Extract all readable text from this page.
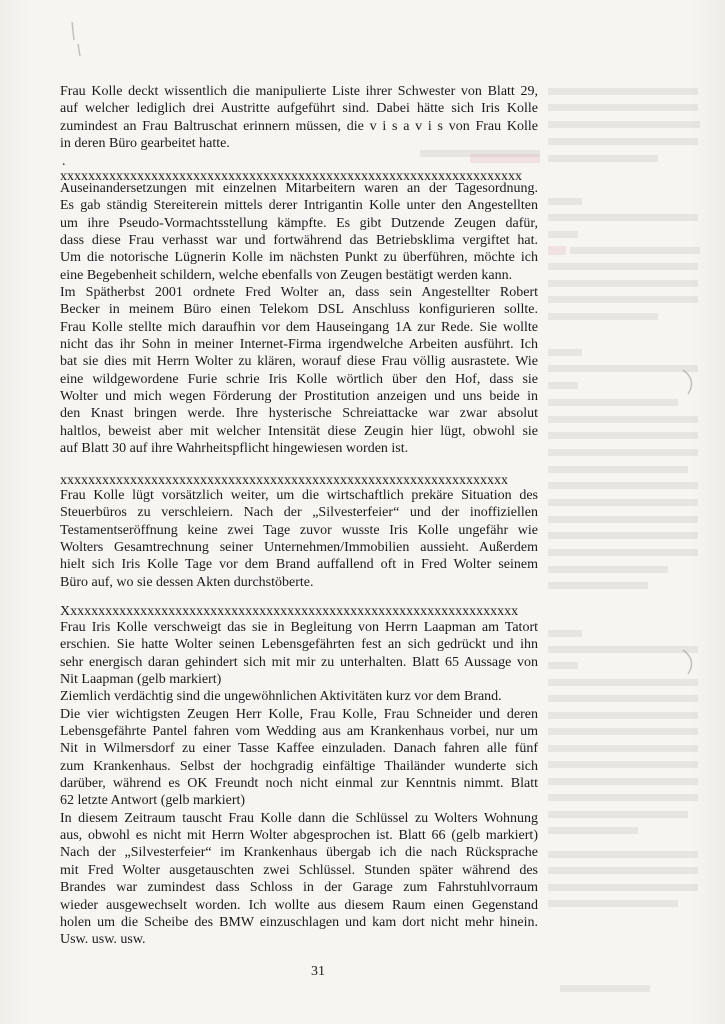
Frau Kolle deckt wissentlich die manipulierte Liste ihrer Schwester von Blatt 29,
auf welcher lediglich drei Austritte aufgeführt sind. Dabei hätte sich Iris Kolle
zumindest an Frau Baltruschat erinnern müssen, die v i s a v i s von Frau Kolle
in deren Büro gearbeitet hatte.
.
xxxxxxxxxxxxxxxxxxxxxxxxxxxxxxxxxxxxxxxxxxxxxxxxxxxxxxxxxxxxxxxxxx
Auseinandersetzungen mit einzelnen Mitarbeitern waren an der Tagesordnung.
Es gab ständig Stereiterein mittels derer Intrigantin Kolle unter den Angestellten
um ihre Pseudo-Vormachtsstellung kämpfte. Es gibt Dutzende Zeugen dafür,
dass diese Frau verhasst war und fortwährend das Betriebsklima vergiftet hat.
Um die notorische Lügnerin Kolle im nächsten Punkt zu überführen, möchte ich
eine Begebenheit schildern, welche ebenfalls von Zeugen bestätigt werden kann.
Im Spätherbst 2001 ordnete Fred Wolter an, dass sein Angestellter Robert
Becker in meinem Büro einen Telekom DSL Anschluss konfigurieren sollte.
Frau Kolle stellte mich daraufhin vor dem Hauseingang 1A zur Rede. Sie wollte
nicht das ihr Sohn in meiner Internet-Firma irgendwelche Arbeiten ausführt. Ich
bat sie dies mit Herrn Wolter zu klären, worauf diese Frau völlig ausrastete. Wie
eine wildgewordene Furie schrie Iris Kolle wörtlich über den Hof, dass sie
Wolter und mich wegen Förderung der Prostitution anzeigen und uns beide in
den Knast bringen werde. Ihre hysterische Schreiattacke war zwar absolut
haltlos, beweist aber mit welcher Intensität diese Zeugin hier lügt, obwohl sie
auf Blatt 30 auf ihre Wahrheitspflicht hingewiesen worden ist.
xxxxxxxxxxxxxxxxxxxxxxxxxxxxxxxxxxxxxxxxxxxxxxxxxxxxxxxxxxxxxxxx
Frau Kolle lügt vorsätzlich weiter, um die wirtschaftlich prekäre Situation des
Steuerbüros zu verschleiern. Nach der „Silvesterfeier“ und der inoffiziellen
Testamentseröffnung keine zwei Tage zuvor wusste Iris Kolle ungefähr wie
Wolters Gesamtrechnung seiner Unternehmen/Immobilien aussieht. Außerdem
hielt sich Iris Kolle Tage vor dem Brand auffallend oft in Fred Wolter seinem
Büro auf, wo sie dessen Akten durchstöberte.
Xxxxxxxxxxxxxxxxxxxxxxxxxxxxxxxxxxxxxxxxxxxxxxxxxxxxxxxxxxxxxxxxx
Frau Iris Kolle verschweigt das sie in Begleitung von Herrn Laapman am Tatort
erschien. Sie hatte Wolter seinen Lebensgefährten fest an sich gedrückt und ihn
sehr energisch daran gehindert sich mit mir zu unterhalten. Blatt 65 Aussage von
Nit Laapman (gelb markiert)
Ziemlich verdächtig sind die ungewöhnlichen Aktivitäten kurz vor dem Brand.
Die vier wichtigsten Zeugen Herr Kolle, Frau Kolle, Frau Schneider und deren
Lebensgefährte Pantel fahren vom Wedding aus am Krankenhaus vorbei, nur um
Nit in Wilmersdorf zu einer Tasse Kaffee einzuladen. Danach fahren alle fünf
zum Krankenhaus. Selbst der hochgradig einfältige Thailänder wunderte sich
darüber, während es OK Freundt noch nicht einmal zur Kenntnis nimmt. Blatt
62 letzte Antwort (gelb markiert)
In diesem Zeitraum tauscht Frau Kolle dann die Schlüssel zu Wolters Wohnung
aus, obwohl es nicht mit Herrn Wolter abgesprochen ist. Blatt 66 (gelb markiert)
Nach der „Silvesterfeier“ im Krankenhaus übergab ich die nach Rücksprache
mit Fred Wolter ausgetauschten zwei Schlüssel. Stunden später während des
Brandes war zumindest dass Schloss in der Garage zum Fahrstuhlvorraum
wieder ausgewechselt worden. Ich wollte aus diesem Raum einen Gegenstand
holen um die Scheibe des BMW einzuschlagen und kam dort nicht mehr hinein.
Usw. usw. usw.
31
